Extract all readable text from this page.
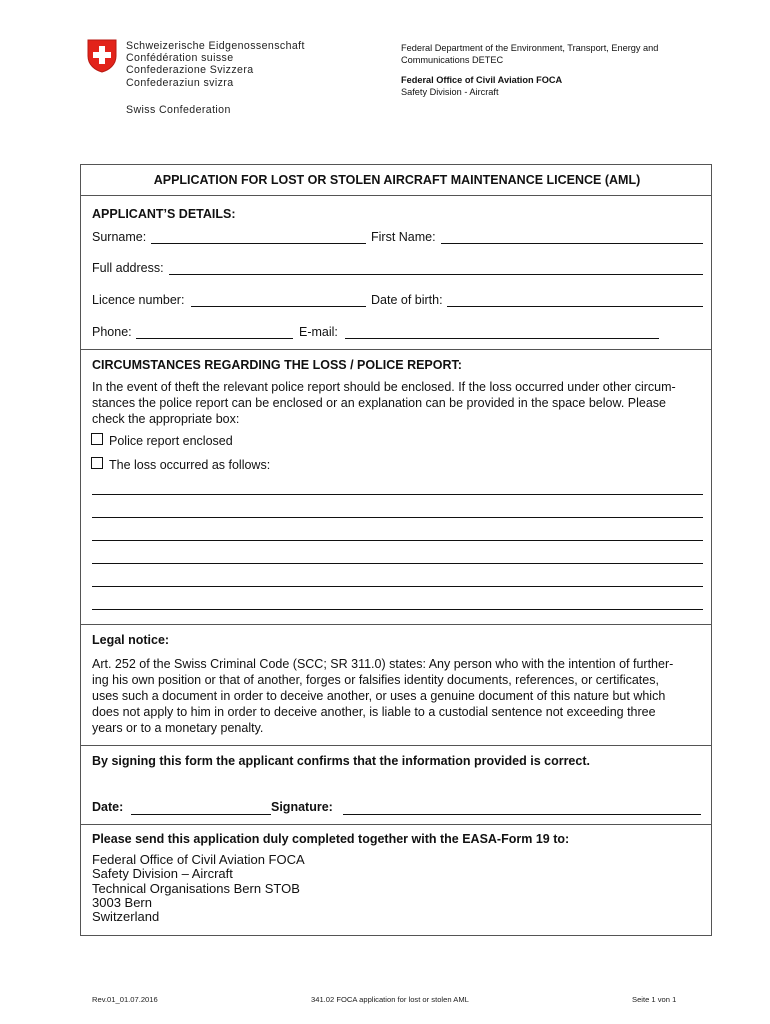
Schweizerische Eidgenossenschaft
Confédération suisse
Confederazione Svizzera
Confederaziun svizra
Swiss Confederation
Federal Department of the Environment, Transport, Energy and
Communications DETEC
Federal Office of Civil Aviation FOCA
Safety Division - Aircraft
APPLICATION FOR LOST OR STOLEN AIRCRAFT MAINTENANCE LICENCE (AML)
APPLICANT’S DETAILS:
Surname:	First Name:
Full address:
Licence number:	Date of birth:
Phone:	E-mail:
CIRCUMSTANCES REGARDING THE LOSS / POLICE REPORT:
In the event of theft the relevant police report should be enclosed. If the loss occurred under other circum-
stances the police report can be enclosed or an explanation can be provided in the space below. Please
check the appropriate box:
Police report enclosed
The loss occurred as follows:
Legal notice:
Art. 252 of the Swiss Criminal Code (SCC; SR 311.0) states: Any person who with the intention of further-
ing his own position or that of another, forges or falsifies identity documents, references, or certificates,
uses such a document in order to deceive another, or uses a genuine document of this nature but which
does not apply to him in order to deceive another, is liable to a custodial sentence not exceeding three
years or to a monetary penalty.
By signing this form the applicant confirms that the information provided is correct.
Date:	Signature:
Please send this application duly completed together with the EASA-Form 19 to:
Federal Office of Civil Aviation FOCA
Safety Division – Aircraft
Technical Organisations Bern STOB
3003 Bern
Switzerland
Rev.01_01.07.2016	341.02 FOCA application for lost or stolen AML	Seite 1 von 1
